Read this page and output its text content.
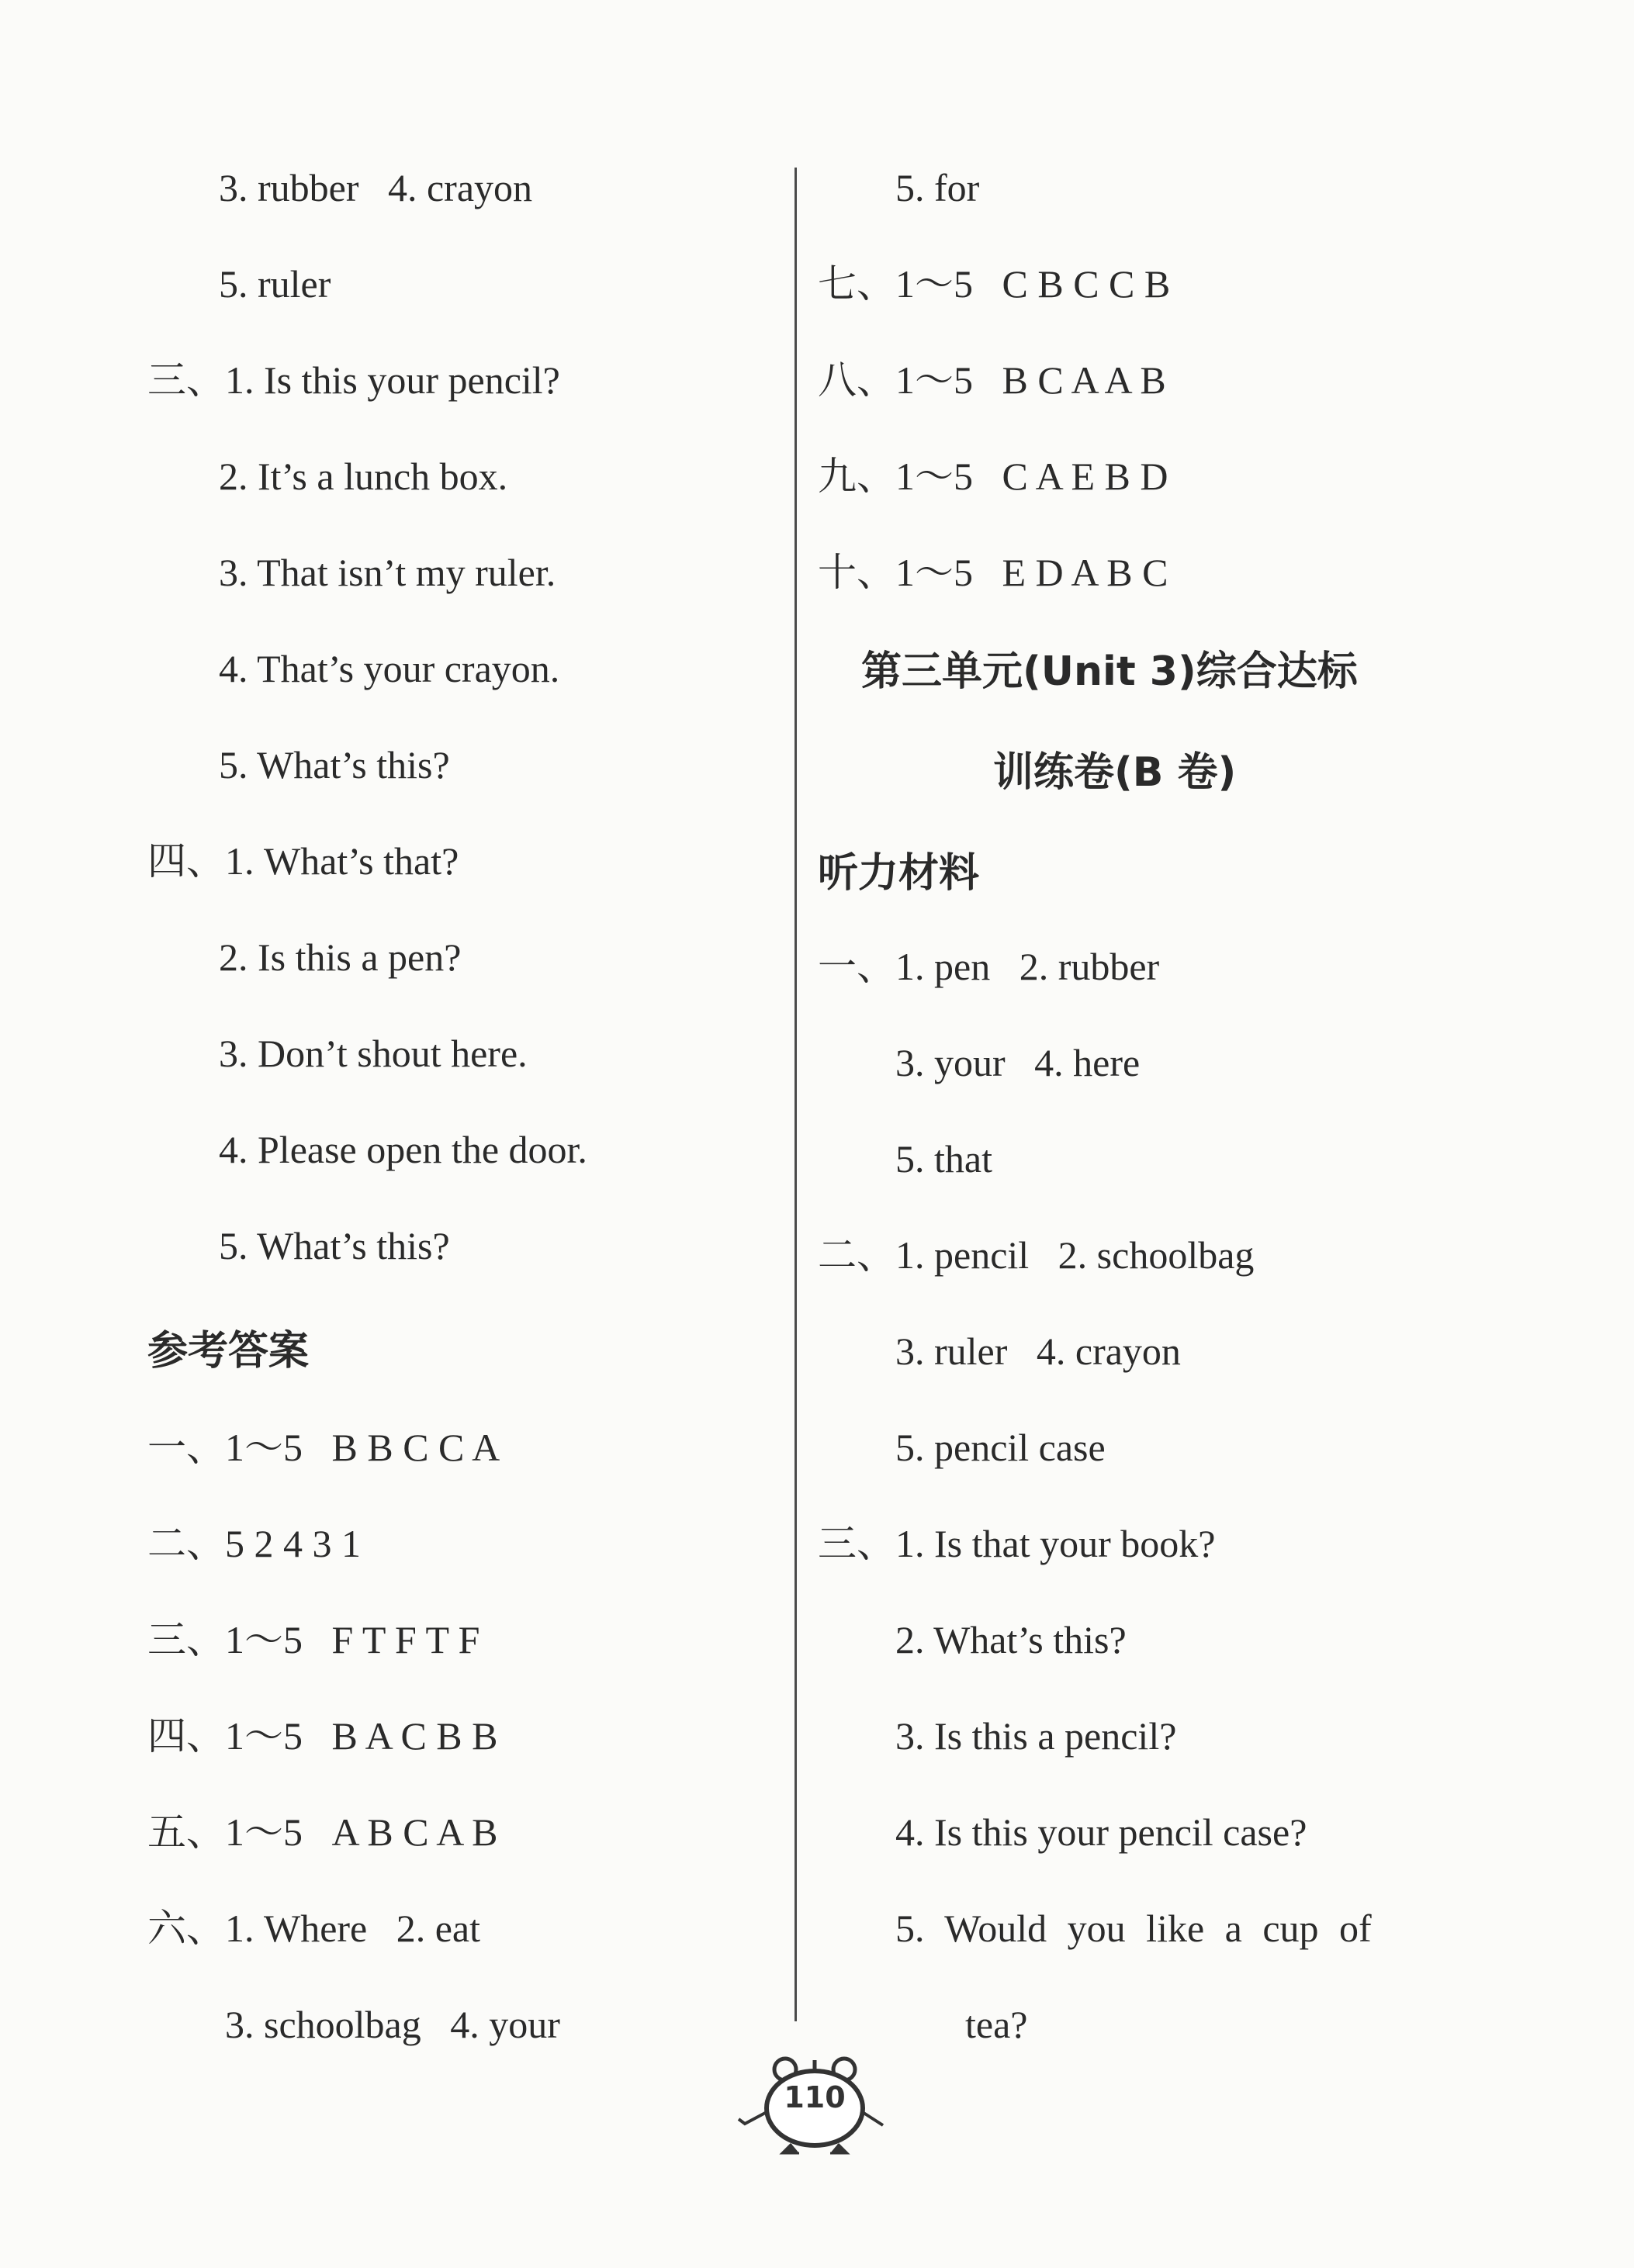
3. rubber   4. crayon
5. ruler
三、1. Is this your pencil?
2. It’s a lunch box.
3. That isn’t my ruler.
4. That’s your crayon.
5. What’s this?
四、1. What’s that?
2. Is this a pen?
3. Don’t shout here.
4. Please open the door.
5. What’s this?
参考答案
一、1～5   B B C C A
二、5 2 4 3 1
三、1～5   F T F T F
四、1～5   B A C B B
五、1～5   A B C A B
六、1. Where   2. eat
3. schoolbag   4. your
5. for
七、1～5   C B C C B
八、1～5   B C A A B
九、1～5   C A E B D
十、1～5   E D A B C
第三单元(Unit 3)综合达标
训练卷(B 卷)
听力材料
一、1. pen   2. rubber
3. your   4. here
5. that
二、1. pencil   2. schoolbag
3. ruler   4. crayon
5. pencil case
三、1. Is that your book?
2. What’s this?
3. Is this a pencil?
4. Is this your pencil case?
5. Would you like a cup of
tea?
110
